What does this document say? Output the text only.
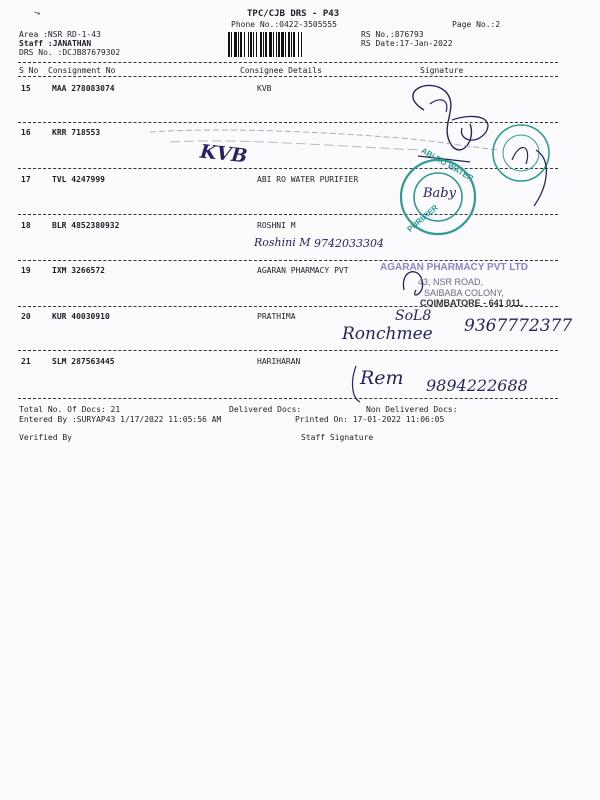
→	TPC/CJB DRS - P43
Phone No.:0422-3505555	Page No.:2
Area :NSR RD-1-43
Staff :JANATHAN
DRS No. :DCJB87679302
RS No.:876793
RS Date:17-Jan-2022
S No Consignment No	Consignee Details	Signature
15	MAA 278083074	KVB
16	KRR 718553
17	TVL 4247999	ABI RO WATER PURIFIER
18	BLR 4852380932	ROSHNI M
19	IXM 3266572	AGARAN PHARMACY PVT
20	KUR 40030910	PRATHIMA
21	SLM 287563445	HARIHARAN
Total No. Of Docs: 21	Delivered Docs:	Non Delivered Docs:
Entered By :SURYAP43 1/17/2022 11:05:56 AM	Printed On: 17-01-2022 11:06:05
Verified By	Staff Signature
KVB
Baby
Roshini M 9742033304
SoL8
Ronchmee 9367772377
Rem 9894222688
ABI RO WATER
PURIFIER
AGARAN PHARMACY PVT LTD
43, NSR ROAD,
SAIBABA COLONY,
COIMBATORE - 641 011.
